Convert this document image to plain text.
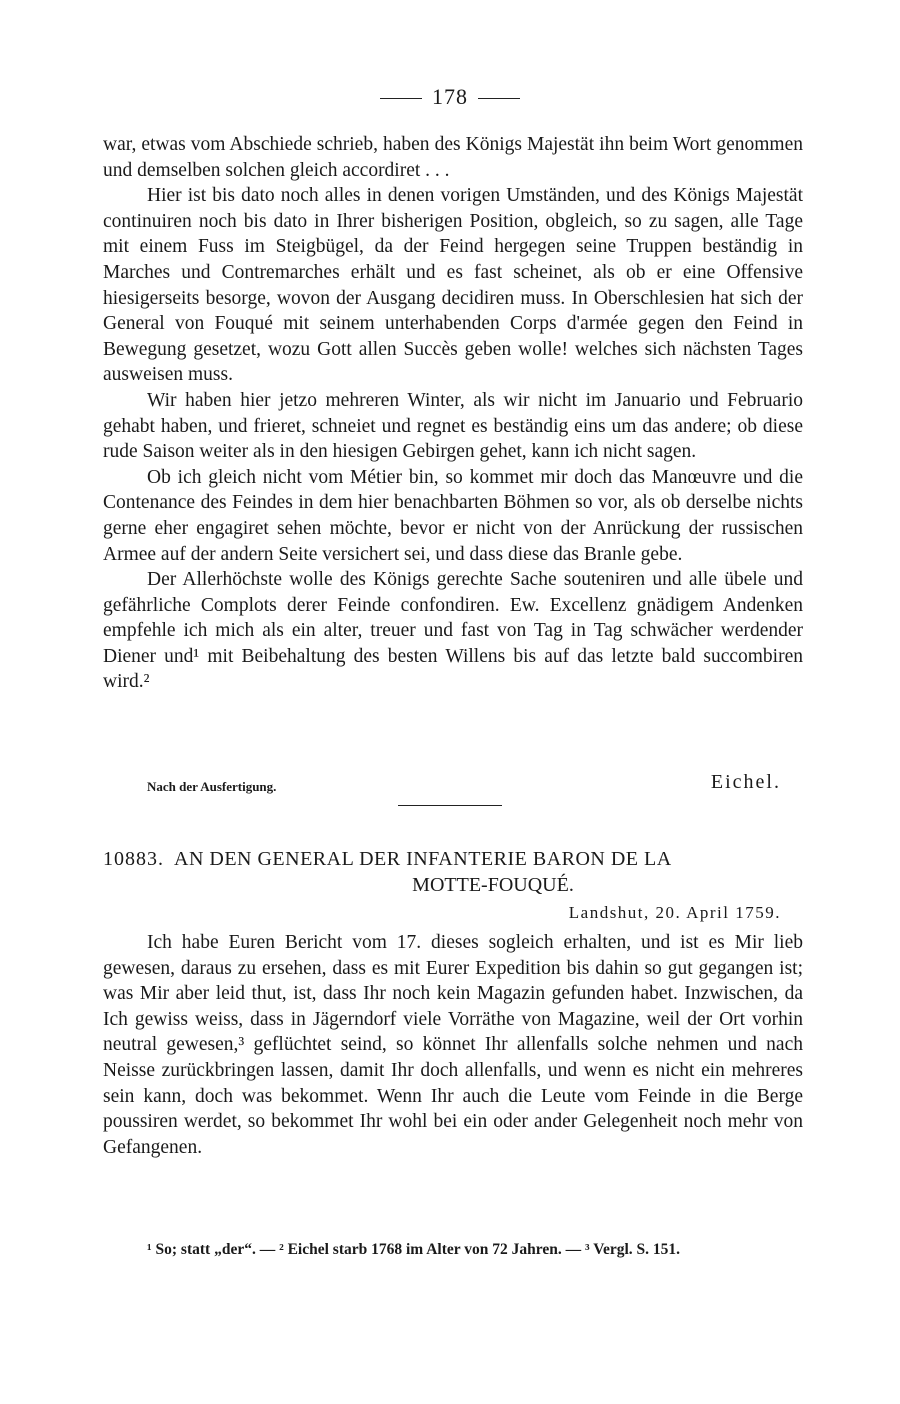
178

war, etwas vom Abschiede schrieb, haben des Königs Majestät ihn beim Wort genommen und demselben solchen gleich accordiret . . .

Hier ist bis dato noch alles in denen vorigen Umständen, und des Königs Majestät continuiren noch bis dato in Ihrer bisherigen Position, obgleich, so zu sagen, alle Tage mit einem Fuss im Steigbügel, da der Feind hergegen seine Truppen beständig in Marches und Contremarches erhält und es fast scheinet, als ob er eine Offensive hiesigerseits besorge, wovon der Ausgang decidiren muss. In Oberschlesien hat sich der General von Fouqué mit seinem unterhabenden Corps d'armée gegen den Feind in Bewegung gesetzet, wozu Gott allen Succès geben wolle! welches sich nächsten Tages ausweisen muss.

Wir haben hier jetzo mehreren Winter, als wir nicht im Januario und Februario gehabt haben, und frieret, schneiet und regnet es beständig eins um das andere; ob diese rude Saison weiter als in den hiesigen Gebirgen gehet, kann ich nicht sagen.

Ob ich gleich nicht vom Métier bin, so kommet mir doch das Manœuvre und die Contenance des Feindes in dem hier benachbarten Böhmen so vor, als ob derselbe nichts gerne eher engagiret sehen möchte, bevor er nicht von der Anrückung der russischen Armee auf der andern Seite versichert sei, und dass diese das Branle gebe.

Der Allerhöchste wolle des Königs gerechte Sache souteniren und alle übele und gefährliche Complots derer Feinde confondiren. Ew. Excellenz gnädigem Andenken empfehle ich mich als ein alter, treuer und fast von Tag in Tag schwächer werdender Diener und¹ mit Beibehaltung des besten Willens bis auf das letzte bald succombiren wird.²

Nach der Ausfertigung.	Eichel.
10883. AN DEN GENERAL DER INFANTERIE BARON DE LA
MOTTE-FOUQUÉ.
Landshut, 20. April 1759.

Ich habe Euren Bericht vom 17. dieses sogleich erhalten, und ist es Mir lieb gewesen, daraus zu ersehen, dass es mit Eurer Expedition bis dahin so gut gegangen ist; was Mir aber leid thut, ist, dass Ihr noch kein Magazin gefunden habet. Inzwischen, da Ich gewiss weiss, dass in Jägerndorf viele Vorräthe von Magazine, weil der Ort vorhin neutral gewesen,³ geflüchtet seind, so könnet Ihr allenfalls solche nehmen und nach Neisse zurückbringen lassen, damit Ihr doch allenfalls, und wenn es nicht ein mehreres sein kann, doch was bekommet. Wenn Ihr auch die Leute vom Feinde in die Berge poussiren werdet, so bekommet Ihr wohl bei ein oder ander Gelegenheit noch mehr von Gefangenen.

¹ So; statt „der“. — ² Eichel starb 1768 im Alter von 72 Jahren. — ³ Vergl. S. 151.
